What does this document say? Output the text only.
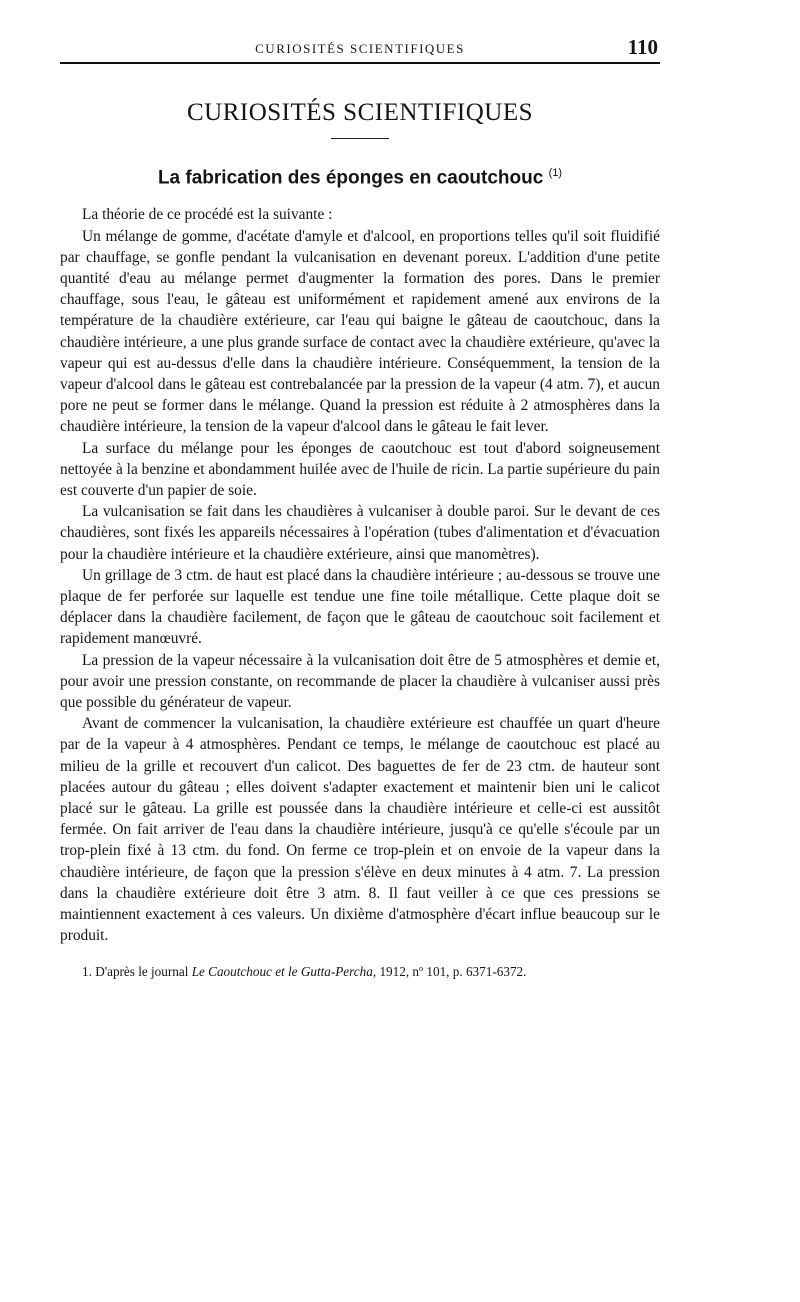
CURIOSITÉS SCIENTIFIQUES	110
CURIOSITÉS SCIENTIFIQUES
La fabrication des éponges en caoutchouc $^{(1)}$

La théorie de ce procédé est la suivante :

Un mélange de gomme, d'acétate d'amyle et d'alcool, en proportions telles qu'il soit fluidifié par chauffage, se gonfle pendant la vulcanisation en devenant poreux. L'addition d'une petite quantité d'eau au mélange permet d'augmenter la formation des pores. Dans le premier chauffage, sous l'eau, le gâteau est uniformément et rapidement amené aux environs de la température de la chaudière extérieure, car l'eau qui baigne le gâteau de caoutchouc, dans la chaudière intérieure, a une plus grande surface de contact avec la chaudière extérieure, qu'avec la vapeur qui est au-dessus d'elle dans la chaudière intérieure. Conséquemment, la tension de la vapeur d'alcool dans le gâteau est contrebalancée par la pression de la vapeur (4 atm. 7), et aucun pore ne peut se former dans le mélange. Quand la pression est réduite à 2 atmosphères dans la chaudière intérieure, la tension de la vapeur d'alcool dans le gâteau le fait lever.

La surface du mélange pour les éponges de caoutchouc est tout d'abord soigneusement nettoyée à la benzine et abondamment huilée avec de l'huile de ricin. La partie supérieure du pain est couverte d'un papier de soie.

La vulcanisation se fait dans les chaudières à vulcaniser à double paroi. Sur le devant de ces chaudières, sont fixés les appareils nécessaires à l'opération (tubes d'alimentation et d'évacuation pour la chaudière intérieure et la chaudière extérieure, ainsi que manomètres).

Un grillage de 3 ctm. de haut est placé dans la chaudière intérieure ; au-dessous se trouve une plaque de fer perforée sur laquelle est tendue une fine toile métallique. Cette plaque doit se déplacer dans la chaudière facilement, de façon que le gâteau de caoutchouc soit facilement et rapidement manœuvré.

La pression de la vapeur nécessaire à la vulcanisation doit être de 5 atmosphères et demie et, pour avoir une pression constante, on recommande de placer la chaudière à vulcaniser aussi près que possible du générateur de vapeur.

Avant de commencer la vulcanisation, la chaudière extérieure est chauffée un quart d'heure par de la vapeur à 4 atmosphères. Pendant ce temps, le mélange de caoutchouc est placé au milieu de la grille et recouvert d'un calicot. Des baguettes de fer de 23 ctm. de hauteur sont placées autour du gâteau ; elles doivent s'adapter exactement et maintenir bien uni le calicot placé sur le gâteau. La grille est poussée dans la chaudière intérieure et celle-ci est aussitôt fermée. On fait arriver de l'eau dans la chaudière intérieure, jusqu'à ce qu'elle s'écoule par un trop-plein fixé à 13 ctm. du fond. On ferme ce trop-plein et on envoie de la vapeur dans la chaudière intérieure, de façon que la pression s'élève en deux minutes à 4 atm. 7. La pression dans la chaudière extérieure doit être 3 atm. 8. Il faut veiller à ce que ces pressions se maintiennent exactement à ces valeurs. Un dixième d'atmosphère d'écart influe beaucoup sur le produit.

1. D'après le journal Le Caoutchouc et le Gutta-Percha, 1912, nº 101, p. 6371-6372.
